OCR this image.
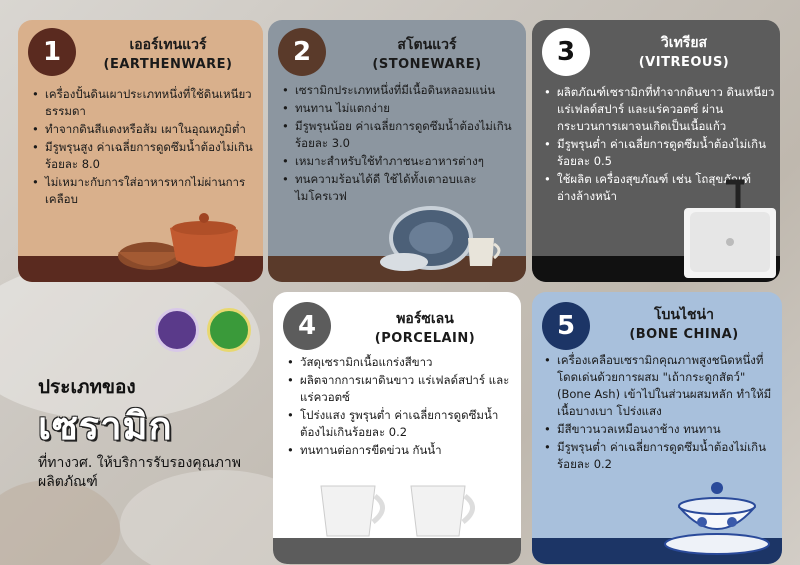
1	เออร์เทนแวร์
(EARTHENWARE)
• เครื่องปั้นดินเผาประเภทหนึ่งที่ใช้ดินเหนียวธรรมดา
• ทำจากดินสีแดงหรือส้ม เผาในอุณหภูมิต่ำ
• มีรูพรุนสูง ค่าเฉลี่ยการดูดซึมน้ำต้องไม่เกินร้อยละ 8.0
• ไม่เหมาะกับการใส่อาหารหากไม่ผ่านการเคลือบ
2	สโตนแวร์
(STONEWARE)
• เซรามิกประเภทหนึ่งที่มีเนื้อดินหลอมแน่น
• ทนทาน ไม่แตกง่าย
• มีรูพรุนน้อย ค่าเฉลี่ยการดูดซึมน้ำต้องไม่เกินร้อยละ 3.0
• เหมาะสำหรับใช้ทำภาชนะอาหารต่างๆ
• ทนความร้อนได้ดี ใช้ได้ทั้งเตาอบและไมโครเวฟ
3	วิเทรียส
(VITREOUS)
• ผลิตภัณฑ์เซรามิกที่ทำจากดินขาว ดินเหนียว แร่เฟลด์สปาร์ และแร่ควอตซ์ ผ่านกระบวนการเผาจนเกิดเป็นเนื้อแก้ว
• มีรูพรุนต่ำ ค่าเฉลี่ยการดูดซึมน้ำต้องไม่เกินร้อยละ 0.5
• ใช้ผลิต เครื่องสุขภัณฑ์ เช่น โถสุขภัณฑ์ อ่างล้างหน้า
ประเภทของ
เซรามิก
ที่ทางวศ. ให้บริการรับรองคุณภาพผลิตภัณฑ์
4	พอร์ซเลน
(PORCELAIN)
• วัสดุเซรามิกเนื้อแกร่งสีขาว
• ผลิตจากการเผาดินขาว แร่เฟลด์สปาร์ และแร่ควอตซ์
• โปร่งแสง รูพรุนต่ำ ค่าเฉลี่ยการดูดซึมน้ำต้องไม่เกินร้อยละ 0.2
• ทนทานต่อการขีดข่วน กันน้ำ
5	โบนไชน่า
(BONE CHINA)
• เครื่องเคลือบเซรามิกคุณภาพสูงชนิดหนึ่งที่โดดเด่นด้วยการผสม "เถ้ากระดูกสัตว์" (Bone Ash) เข้าไปในส่วนผสมหลัก ทำให้มีเนื้อบางเบา โปร่งแสง
• มีสีขาวนวลเหมือนงาช้าง ทนทาน
• มีรูพรุนต่ำ ค่าเฉลี่ยการดูดซึมน้ำต้องไม่เกินร้อยละ 0.2
